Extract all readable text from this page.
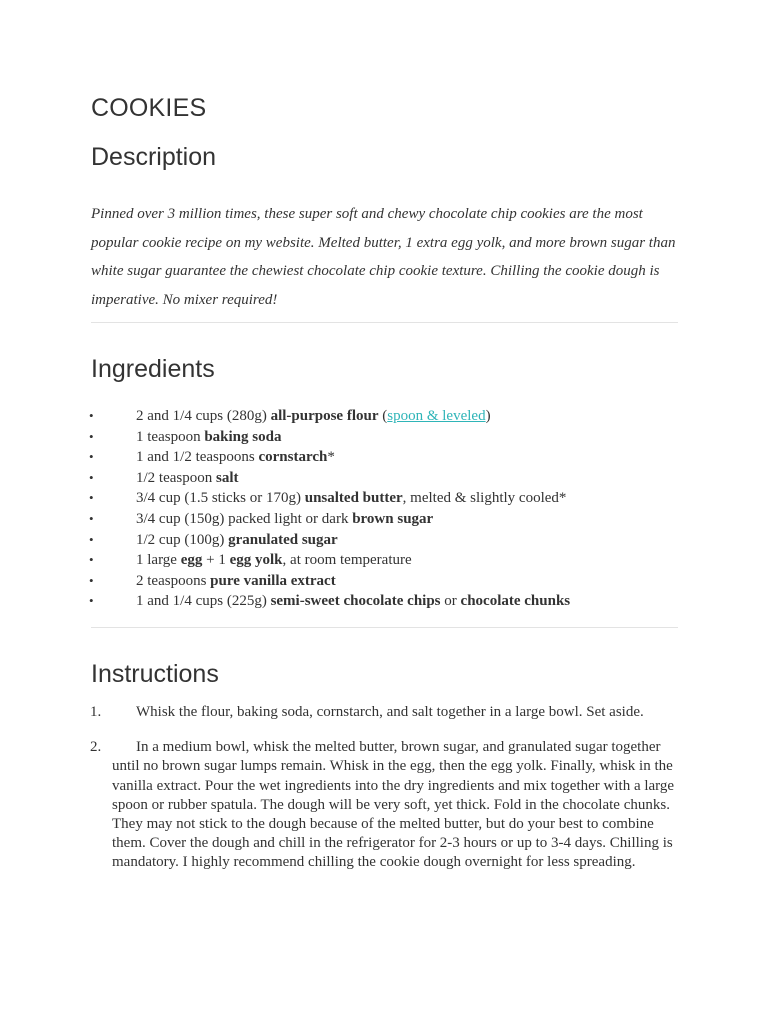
COOKIES
Description

Pinned over 3 million times, these super soft and chewy chocolate chip cookies are the most popular cookie recipe on my website. Melted butter, 1 extra egg yolk, and more brown sugar than white sugar guarantee the chewiest chocolate chip cookie texture. Chilling the cookie dough is imperative. No mixer required!

Ingredients
•	2 and 1/4 cups (280g) all-purpose flour (spoon & leveled)
•	1 teaspoon baking soda
•	1 and 1/2 teaspoons cornstarch*
•	1/2 teaspoon salt
•	3/4 cup (1.5 sticks or 170g) unsalted butter, melted & slightly cooled*
•	3/4 cup (150g) packed light or dark brown sugar
•	1/2 cup (100g) granulated sugar
•	1 large egg + 1 egg yolk, at room temperature
•	2 teaspoons pure vanilla extract
•	1 and 1/4 cups (225g) semi-sweet chocolate chips or chocolate chunks
Instructions
1. Whisk the flour, baking soda, cornstarch, and salt together in a large bowl. Set aside.
2. In a medium bowl, whisk the melted butter, brown sugar, and granulated sugar together until no brown sugar lumps remain. Whisk in the egg, then the egg yolk. Finally, whisk in the vanilla extract. Pour the wet ingredients into the dry ingredients and mix together with a large spoon or rubber spatula. The dough will be very soft, yet thick. Fold in the chocolate chunks. They may not stick to the dough because of the melted butter, but do your best to combine them. Cover the dough and chill in the refrigerator for 2-3 hours or up to 3-4 days. Chilling is mandatory. I highly recommend chilling the cookie dough overnight for less spreading.
